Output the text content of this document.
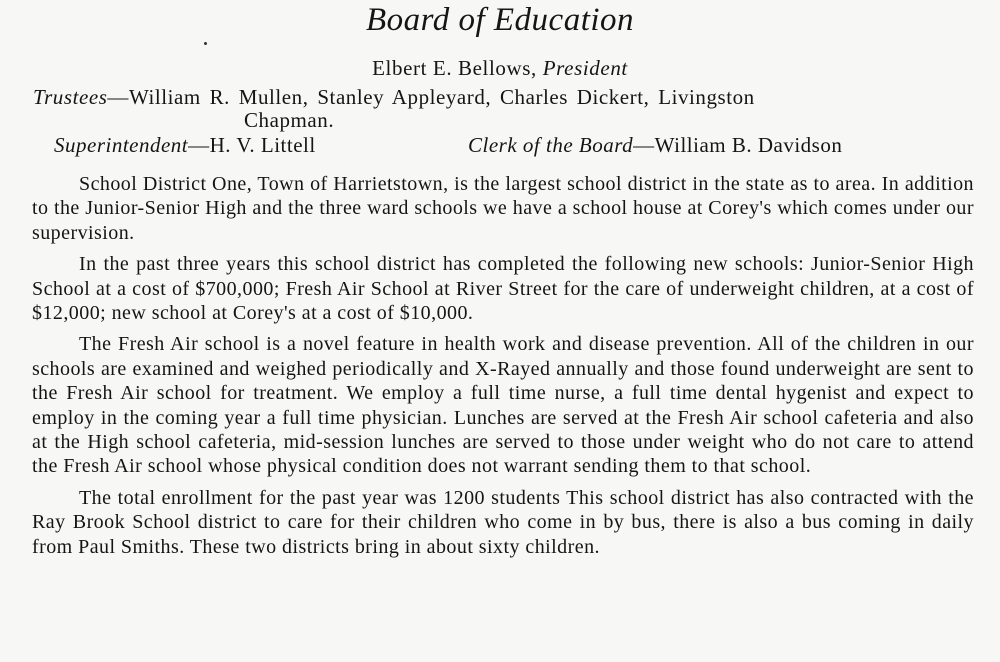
Board of Education
Elbert E. Bellows, President
Trustees—William R. Mullen, Stanley Appleyard, Charles Dickert, Livingston
Chapman.
Superintendent—H. V. Littell	Clerk of the Board—William B. Davidson

School District One, Town of Harrietstown, is the largest school district in the state as to area. In addition to the Junior-Senior High and the three ward schools we have a school house at Corey's which comes under our supervision.

In the past three years this school district has completed the following new schools: Junior-Senior High School at a cost of $700,000; Fresh Air School at River Street for the care of underweight children, at a cost of $12,000; new school at Corey's at a cost of $10,000.

The Fresh Air school is a novel feature in health work and disease prevention. All of the children in our schools are examined and weighed periodically and X-Rayed annually and those found underweight are sent to the Fresh Air school for treatment. We employ a full time nurse, a full time dental hygenist and expect to employ in the coming year a full time physician. Lunches are served at the Fresh Air school cafeteria and also at the High school cafeteria, mid-session lunches are served to those under weight who do not care to attend the Fresh Air school whose physical condition does not warrant sending them to that school.

The total enrollment for the past year was 1200 students This school district has also contracted with the Ray Brook School district to care for their children who come in by bus, there is also a bus coming in daily from Paul Smiths. These two districts bring in about sixty children.
